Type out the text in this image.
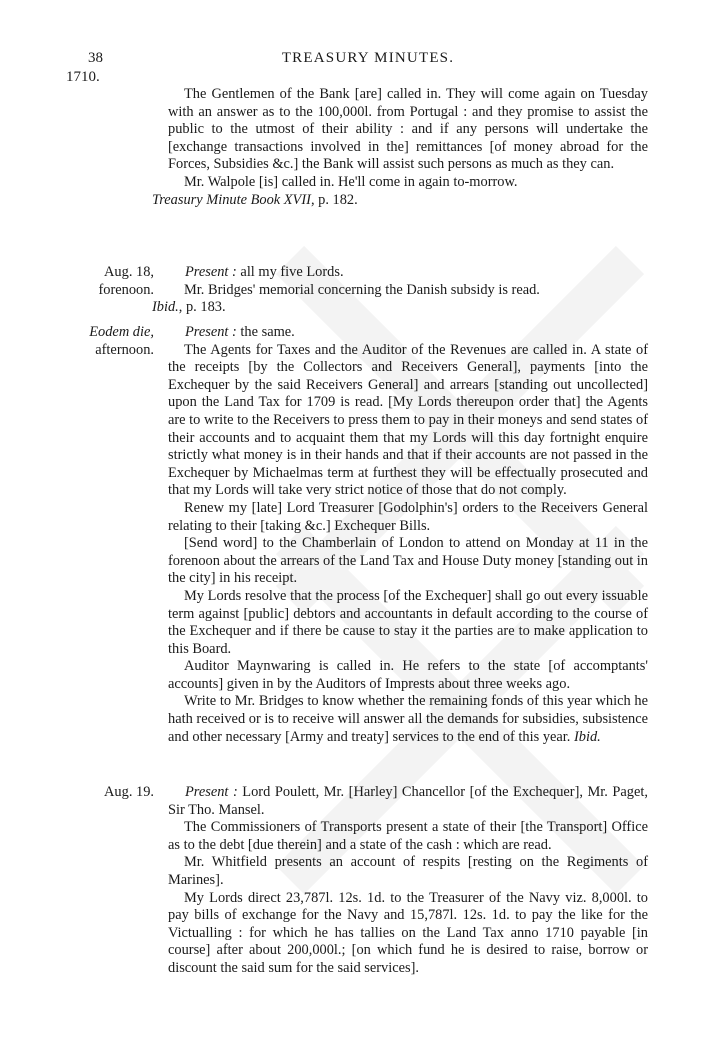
38	TREASURY MINUTES.
1710.

The Gentlemen of the Bank [are] called in. They will come again on Tuesday with an answer as to the 100,000l. from Portugal : and they promise to assist the public to the utmost of their ability : and if any persons will undertake the [exchange transactions involved in the] remittances [of money abroad for the Forces, Subsidies &c.] the Bank will assist such persons as much as they can.

Mr. Walpole [is] called in. He'll come in again to-morrow.
Treasury Minute Book XVII, p. 182.

Aug. 18,
forenoon.

Present : all my five Lords.

Mr. Bridges' memorial concerning the Danish subsidy is read.
Ibid., p. 183.

Eodem die,
afternoon.

Present : the same.

The Agents for Taxes and the Auditor of the Revenues are called in. A state of the receipts [by the Collectors and Receivers General], payments [into the Exchequer by the said Receivers General] and arrears [standing out uncollected] upon the Land Tax for 1709 is read. [My Lords thereupon order that] the Agents are to write to the Receivers to press them to pay in their moneys and send states of their accounts and to acquaint them that my Lords will this day fortnight enquire strictly what money is in their hands and that if their accounts are not passed in the Exchequer by Michaelmas term at furthest they will be effectually prosecuted and that my Lords will take very strict notice of those that do not comply.

Renew my [late] Lord Treasurer [Godolphin's] orders to the Receivers General relating to their [taking &c.] Exchequer Bills.

[Send word] to the Chamberlain of London to attend on Monday at 11 in the forenoon about the arrears of the Land Tax and House Duty money [standing out in the city] in his receipt.

My Lords resolve that the process [of the Exchequer] shall go out every issuable term against [public] debtors and accountants in default according to the course of the Exchequer and if there be cause to stay it the parties are to make application to this Board.

Auditor Maynwaring is called in. He refers to the state [of accomptants' accounts] given in by the Auditors of Imprests about three weeks ago.

Write to Mr. Bridges to know whether the remaining fonds of this year which he hath received or is to receive will answer all the demands for subsidies, subsistence and other necessary [Army and treaty] services to the end of this year. Ibid.

Aug. 19.	Present : Lord Poulett, Mr. [Harley] Chancellor [of the Exchequer], Mr. Paget, Sir Tho. Mansel.

The Commissioners of Transports present a state of their [the Transport] Office as to the debt [due therein] and a state of the cash : which are read.

Mr. Whitfield presents an account of respits [resting on the Regiments of Marines].

My Lords direct 23,787l. 12s. 1d. to the Treasurer of the Navy viz. 8,000l. to pay bills of exchange for the Navy and 15,787l. 12s. 1d. to pay the like for the Victualling : for which he has tallies on the Land Tax anno 1710 payable [in course] after about 200,000l.; [on which fund he is desired to raise, borrow or discount the said sum for the said services].
